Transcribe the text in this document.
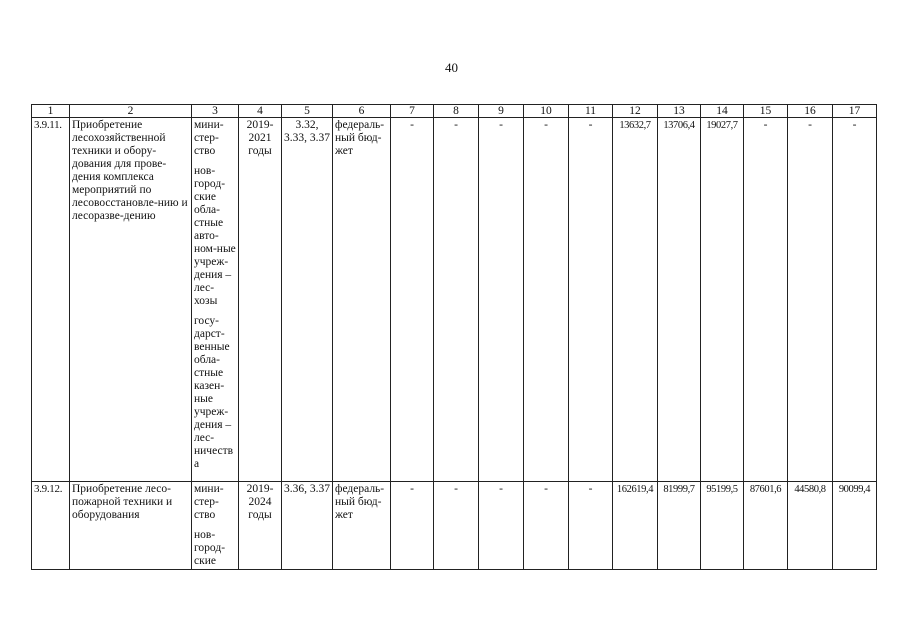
40
1	2	3	4	5	6	7	8	9	10	11	12	13	14	15	16	17
3.9.11.	Приобретение лесохозяйственной техники и обору-дования для прове-дения комплекса мероприятий по лесовосстановле-нию и лесоразве-дению	мини-стер-ство

нов-город-ские обла-стные авто-ном-ные учреж-дения – лес-хозы

госу-дарст-венные обла-стные казен-ные учреж-дения – лес-ничества	2019-2021 годы	3.32, 3.33, 3.37	федераль-ный бюд-жет	-	-	-	-	-	13632,7	13706,4	19027,7	-	-	-
3.9.12.	Приобретение лесо-пожарной техники и оборудования	мини-стер-ство

нов-город-ские	2019-2024 годы	3.36, 3.37	федераль-ный бюд-жет	-	-	-	-	-	162619,4	81999,7	95199,5	87601,6	44580,8	90099,4
